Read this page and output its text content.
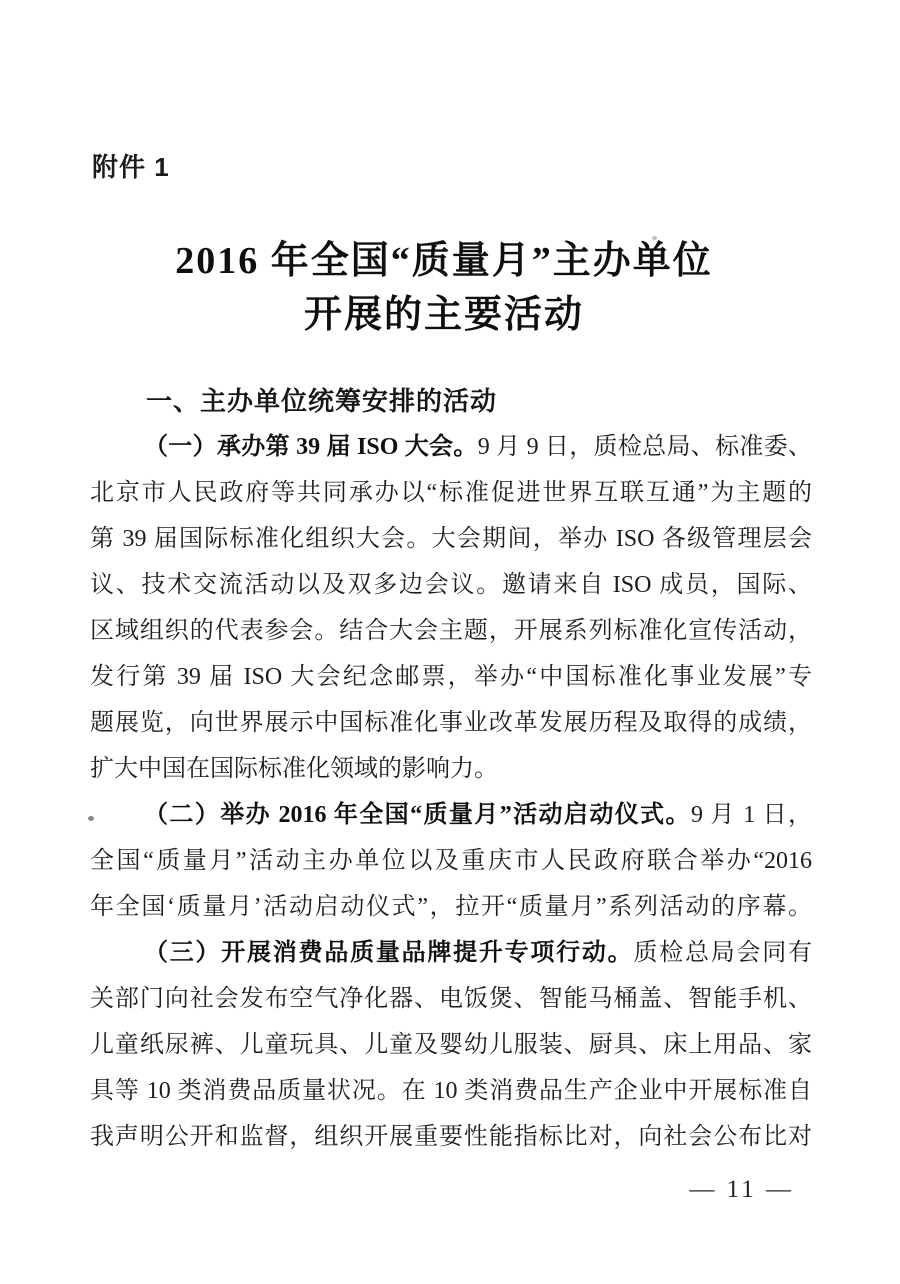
附件 1
2016 年全国“质量月”主办单位
开展的主要活动
一、主办单位统筹安排的活动
（一）承办第 39 届 ISO 大会。9 月 9 日，质检总局、标准委、
北京市人民政府等共同承办以“标准促进世界互联互通”为主题的
第 39 届国际标准化组织大会。大会期间，举办 ISO 各级管理层会
议、技术交流活动以及双多边会议。邀请来自 ISO 成员，国际、
区域组织的代表参会。结合大会主题，开展系列标准化宣传活动，
发行第 39 届 ISO 大会纪念邮票，举办“中国标准化事业发展”专
题展览，向世界展示中国标准化事业改革发展历程及取得的成绩，
扩大中国在国际标准化领域的影响力。
（二）举办 2016 年全国“质量月”活动启动仪式。9 月 1 日，
全国“质量月”活动主办单位以及重庆市人民政府联合举办“2016
年全国‘质量月’活动启动仪式”，拉开“质量月”系列活动的序幕。
（三）开展消费品质量品牌提升专项行动。质检总局会同有
关部门向社会发布空气净化器、电饭煲、智能马桶盖、智能手机、
儿童纸尿裤、儿童玩具、儿童及婴幼儿服装、厨具、床上用品、家
具等 10 类消费品质量状况。在 10 类消费品生产企业中开展标准自
我声明公开和监督，组织开展重要性能指标比对，向社会公布比对
— 11 —
